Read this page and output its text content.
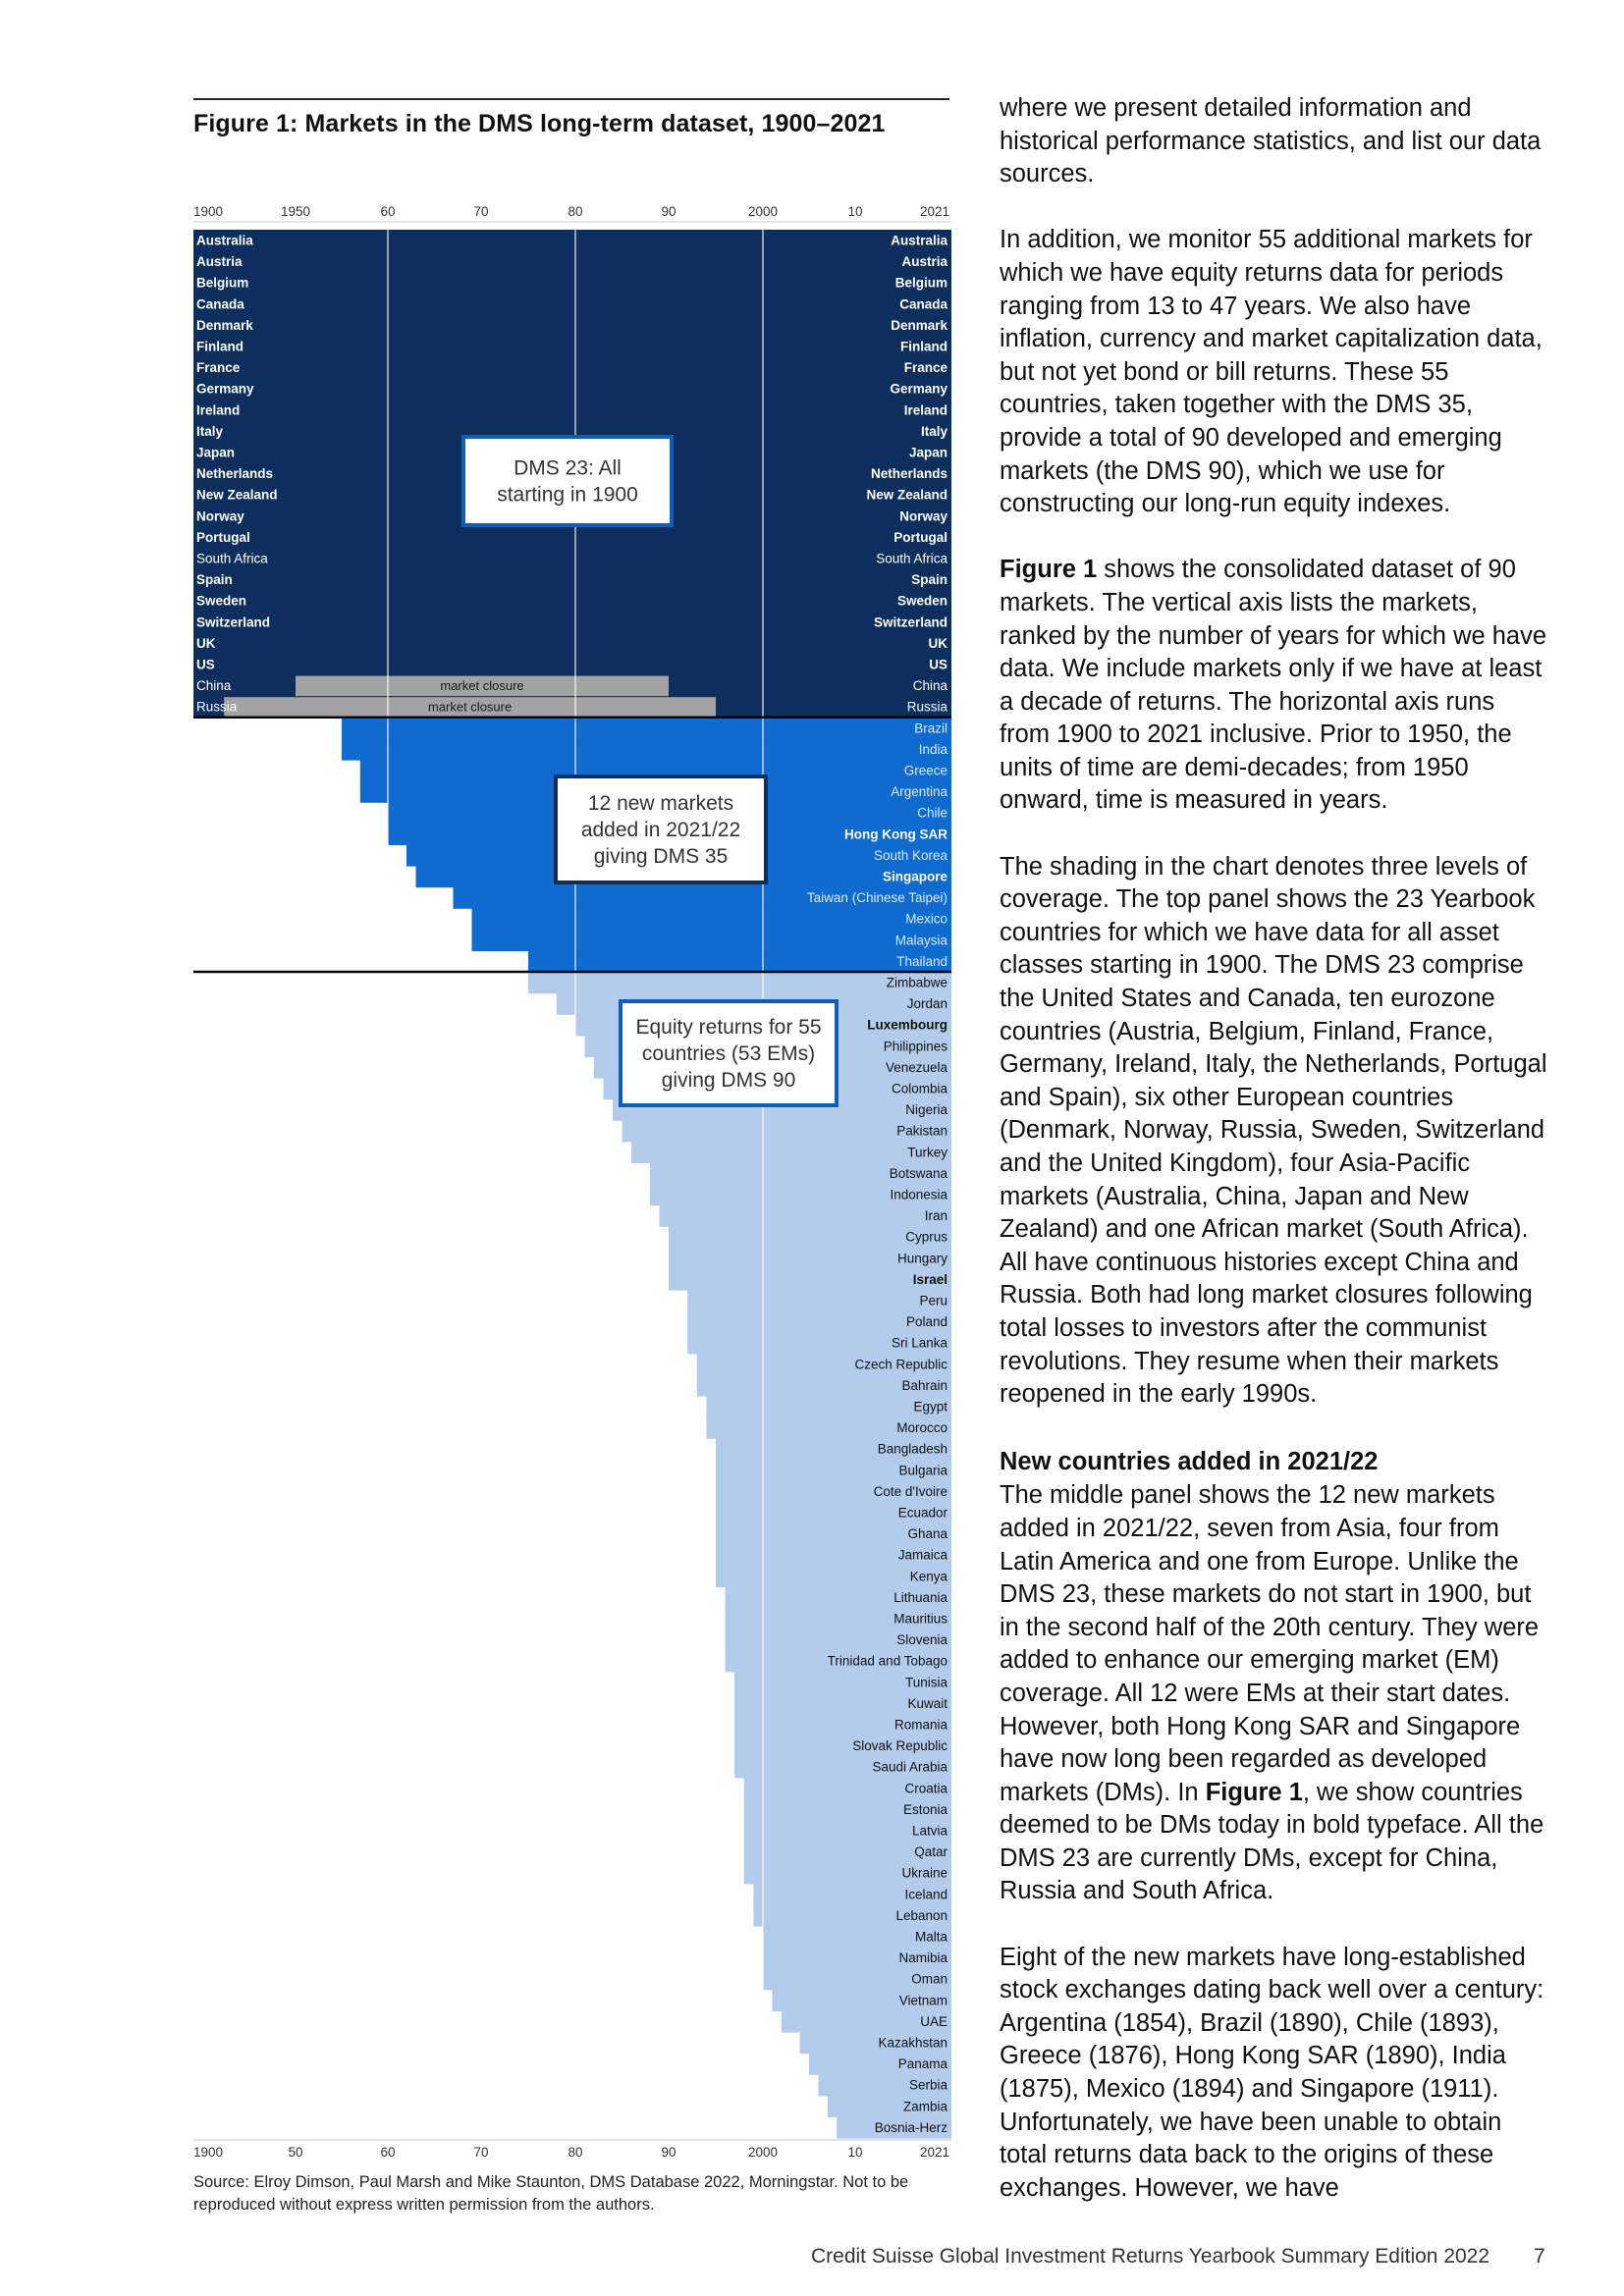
Figure 1: Markets in the DMS long-term dataset, 1900–2021
1900	1950	60	70	80	90	2000	10	2021
market closure
market closure
Australia	Australia
Austria	Austria
Belgium	Belgium
Canada	Canada
Denmark	Denmark
Finland	Finland
France	France
Germany	Germany
Ireland	Ireland
Italy	Italy
Japan	Japan
Netherlands	Netherlands
New Zealand	New Zealand
Norway	Norway
Portugal	Portugal
South Africa	South Africa
Spain	Spain
Sweden	Sweden
Switzerland	Switzerland
UK	UK
US	US
China	China
Russia	Russia
Brazil
India
Greece
Argentina
Chile
Hong Kong SAR
South Korea
Singapore
Taiwan (Chinese Taipei)
Mexico
Malaysia
Thailand
Zimbabwe
Jordan
Luxembourg
Philippines
Venezuela
Colombia
Nigeria
Pakistan
Turkey
Botswana
Indonesia
Iran
Cyprus
Hungary
Israel
Peru
Poland
Sri Lanka
Czech Republic
Bahrain
Egypt
Morocco
Bangladesh
Bulgaria
Cote d'Ivoire
Ecuador
Ghana
Jamaica
Kenya
Lithuania
Mauritius
Slovenia
Trinidad and Tobago
Tunisia
Kuwait
Romania
Slovak Republic
Saudi Arabia
Croatia
Estonia
Latvia
Qatar
Ukraine
Iceland
Lebanon
Malta
Namibia
Oman
Vietnam
UAE
Kazakhstan
Panama
Serbia
Zambia
Bosnia-Herz
DMS 23: All
starting in 1900
12 new markets
added in 2021/22
giving DMS 35
Equity returns for 55
countries (53 EMs)
giving DMS 90
1900	50	60	70	80	90	2000	10	2021
Source: Elroy Dimson, Paul Marsh and Mike Staunton, DMS Database 2022, Morningstar. Not to be reproduced without express written permission from the authors.

where we present detailed information and historical performance statistics, and list our data sources.

In addition, we monitor 55 additional markets for which we have equity returns data for periods ranging from 13 to 47 years. We also have inflation, currency and market capitalization data, but not yet bond or bill returns. These 55 countries, taken together with the DMS 35, provide a total of 90 developed and emerging markets (the DMS 90), which we use for constructing our long-run equity indexes.

Figure 1 shows the consolidated dataset of 90 markets. The vertical axis lists the markets, ranked by the number of years for which we have data. We include markets only if we have at least a decade of returns. The horizontal axis runs from 1900 to 2021 inclusive. Prior to 1950, the units of time are demi-decades; from 1950 onward, time is measured in years.

The shading in the chart denotes three levels of coverage. The top panel shows the 23 Yearbook countries for which we have data for all asset classes starting in 1900. The DMS 23 comprise the United States and Canada, ten eurozone countries (Austria, Belgium, Finland, France, Germany, Ireland, Italy, the Netherlands, Portugal and Spain), six other European countries (Denmark, Norway, Russia, Sweden, Switzerland and the United Kingdom), four Asia-Pacific markets (Australia, China, Japan and New Zealand) and one African market (South Africa). All have continuous histories except China and Russia. Both had long market closures following total losses to investors after the communist revolutions. They resume when their markets reopened in the early 1990s.

New countries added in 2021/22

The middle panel shows the 12 new markets added in 2021/22, seven from Asia, four from Latin America and one from Europe. Unlike the DMS 23, these markets do not start in 1900, but in the second half of the 20th century. They were added to enhance our emerging market (EM) coverage. All 12 were EMs at their start dates. However, both Hong Kong SAR and Singapore have now long been regarded as developed markets (DMs). In Figure 1, we show countries deemed to be DMs today in bold typeface. All the DMS 23 are currently DMs, except for China, Russia and South Africa.

Eight of the new markets have long-established stock exchanges dating back well over a century: Argentina (1854), Brazil (1890), Chile (1893), Greece (1876), Hong Kong SAR (1890), India (1875), Mexico (1894) and Singapore (1911). Unfortunately, we have been unable to obtain total returns data back to the origins of these exchanges. However, we have

Credit Suisse Global Investment Returns Yearbook Summary Edition 2022 7
